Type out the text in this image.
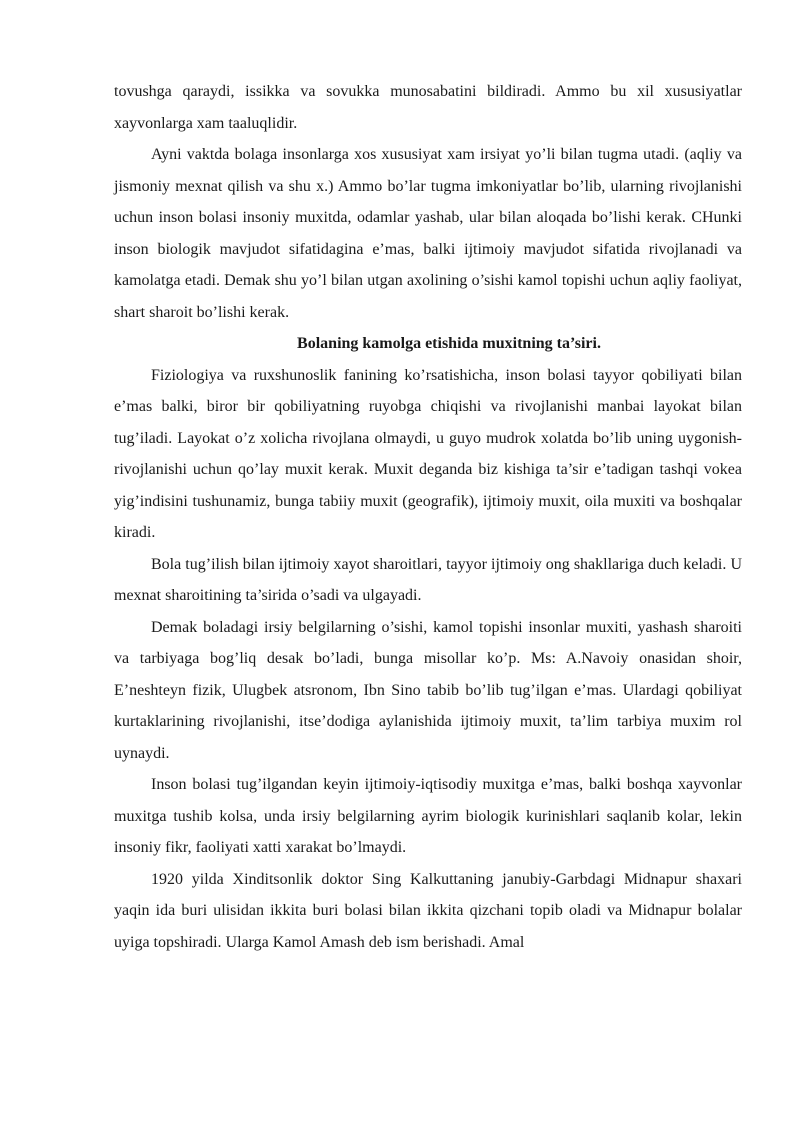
tovushga qaraydi, issikka va sovukka munosabatini bildiradi. Ammo bu xil xususiyatlar xayvonlarga xam taaluqlidir.

Ayni vaktda bolaga insonlarga xos xususiyat xam irsiyat yo’li bilan tugma utadi. (aqliy va jismoniy mexnat qilish va shu x.) Ammo bo’lar tugma imkoniyatlar bo’lib, ularning rivojlanishi uchun inson bolasi insoniy muxitda, odamlar yashab, ular bilan aloqada bo’lishi kerak. CHunki inson biologik mavjudot sifatidagina e’mas, balki ijtimoiy mavjudot sifatida rivojlanadi va kamolatga etadi. Demak shu yo’l bilan utgan axolining o’sishi kamol topishi uchun aqliy faoliyat, shart sharoit bo’lishi kerak.

Bolaning kamolga etishida muxitning ta’siri.

Fiziologiya va ruxshunoslik fanining ko’rsatishicha, inson bolasi tayyor qobiliyati bilan e’mas balki, biror bir qobiliyatning ruyobga chiqishi va rivojlanishi manbai layokat bilan tug’iladi. Layokat o’z xolicha rivojlana olmaydi, u guyo mudrok xolatda bo’lib uning uygonish-rivojlanishi uchun qo’lay muxit kerak. Muxit deganda biz kishiga ta’sir e’tadigan tashqi vokea yig’indisini tushunamiz, bunga tabiiy muxit (geografik), ijtimoiy muxit, oila muxiti va boshqalar kiradi.

Bola tug’ilish bilan ijtimoiy xayot sharoitlari, tayyor ijtimoiy ong shakllariga duch keladi. U mexnat sharoitining ta’sirida o’sadi va ulgayadi.

Demak boladagi irsiy belgilarning o’sishi, kamol topishi insonlar muxiti, yashash sharoiti va tarbiyaga bog’liq desak bo’ladi, bunga misollar ko’p. Ms: A.Navoiy onasidan shoir, E’neshteyn fizik, Ulugbek atsronom, Ibn Sino tabib bo’lib tug’ilgan e’mas. Ulardagi qobiliyat kurtaklarining rivojlanishi, itse’dodiga aylanishida ijtimoiy muxit, ta’lim tarbiya muxim rol uynaydi.

Inson bolasi tug’ilgandan keyin ijtimoiy-iqtisodiy muxitga e’mas, balki boshqa xayvonlar muxitga tushib kolsa, unda irsiy belgilarning ayrim biologik kurinishlari saqlanib kolar, lekin insoniy fikr, faoliyati xatti xarakat bo’lmaydi.

1920 yilda Xinditsonlik doktor Sing Kalkuttaning janubiy-Garbdagi Midnapur shaxari yaqin ida buri ulisidan ikkita buri bolasi bilan ikkita qizchani topib oladi va Midnapur bolalar uyiga topshiradi. Ularga Kamol Amash deb ism berishadi. Amal
